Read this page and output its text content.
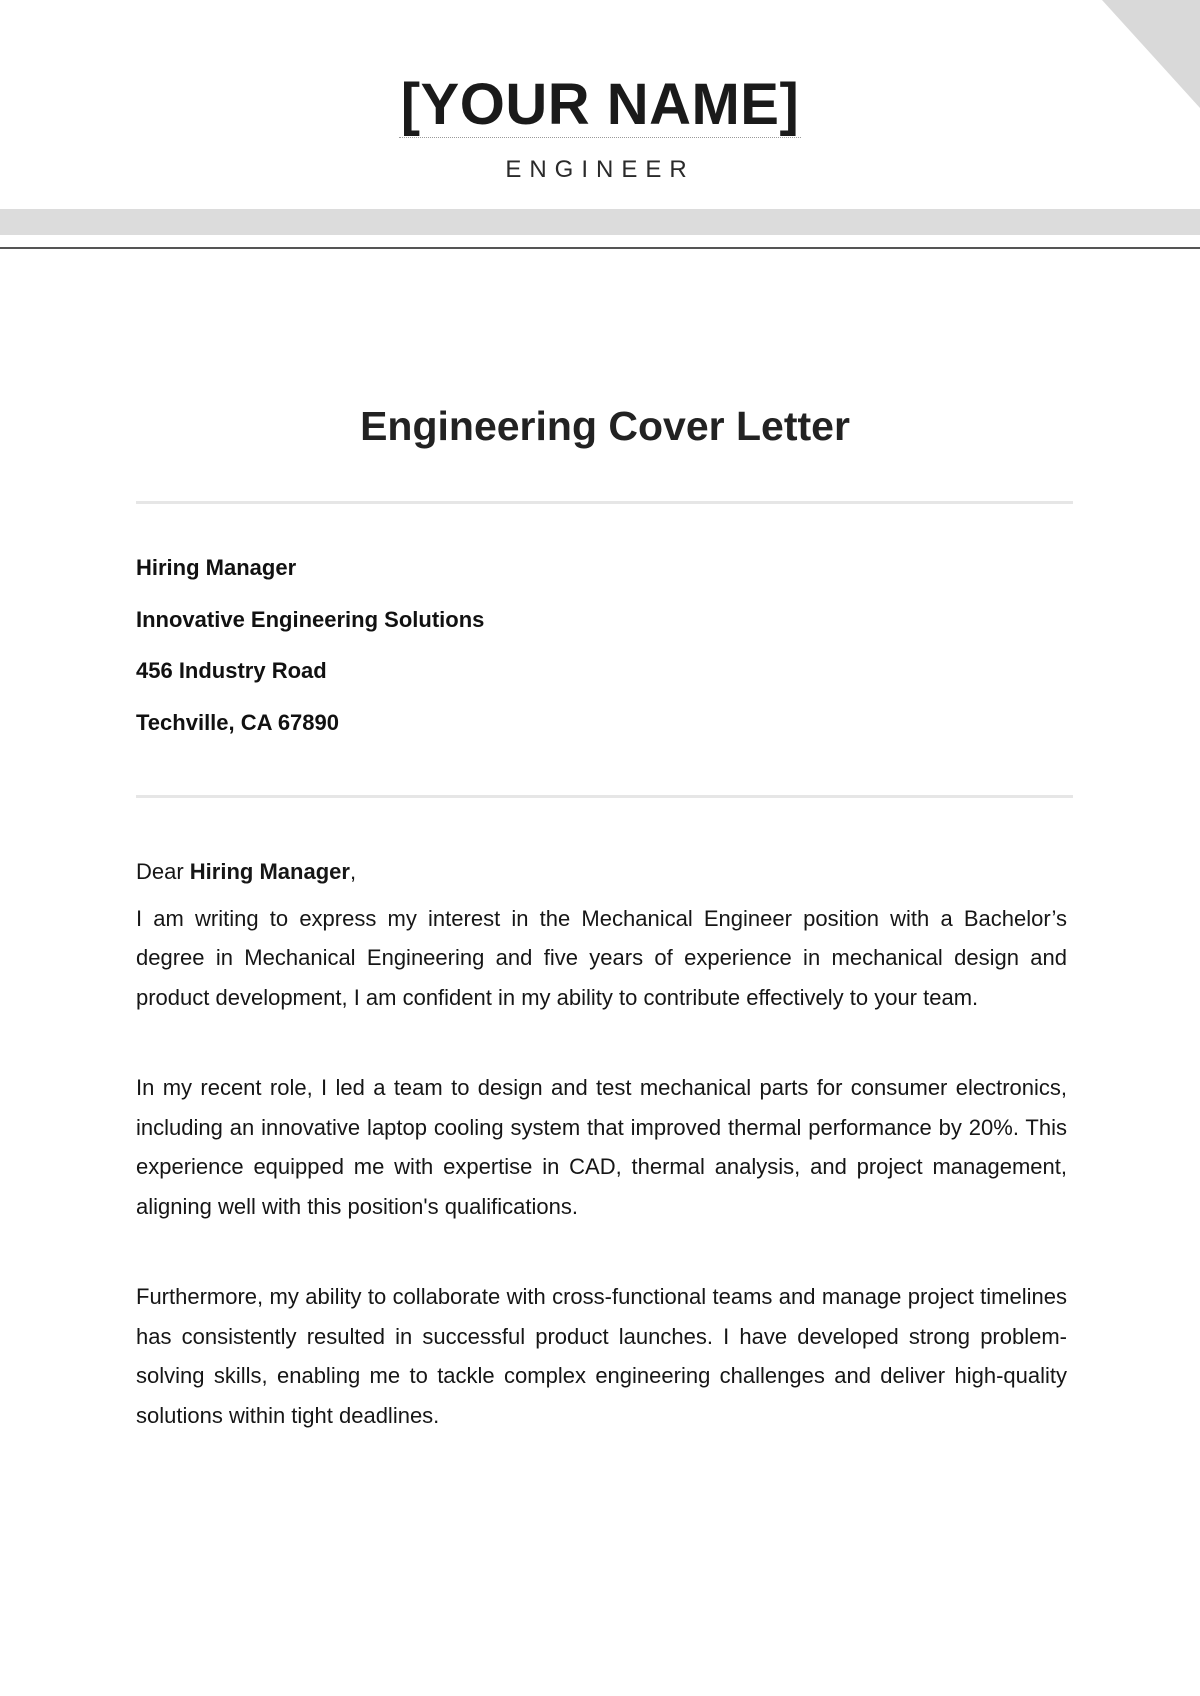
[YOUR NAME]
ENGINEER
Engineering Cover Letter
Hiring Manager
Innovative Engineering Solutions
456 Industry Road
Techville, CA 67890

Dear Hiring Manager,

I am writing to express my interest in the Mechanical Engineer position with a Bachelor’s degree in Mechanical Engineering and five years of experience in mechanical design and product development, I am confident in my ability to contribute effectively to your team.

In my recent role, I led a team to design and test mechanical parts for consumer electronics, including an innovative laptop cooling system that improved thermal performance by 20%. This experience equipped me with expertise in CAD, thermal analysis, and project management, aligning well with this position's qualifications.

Furthermore, my ability to collaborate with cross-functional teams and manage project timelines has consistently resulted in successful product launches. I have developed strong problem-solving skills, enabling me to tackle complex engineering challenges and deliver high-quality solutions within tight deadlines.
